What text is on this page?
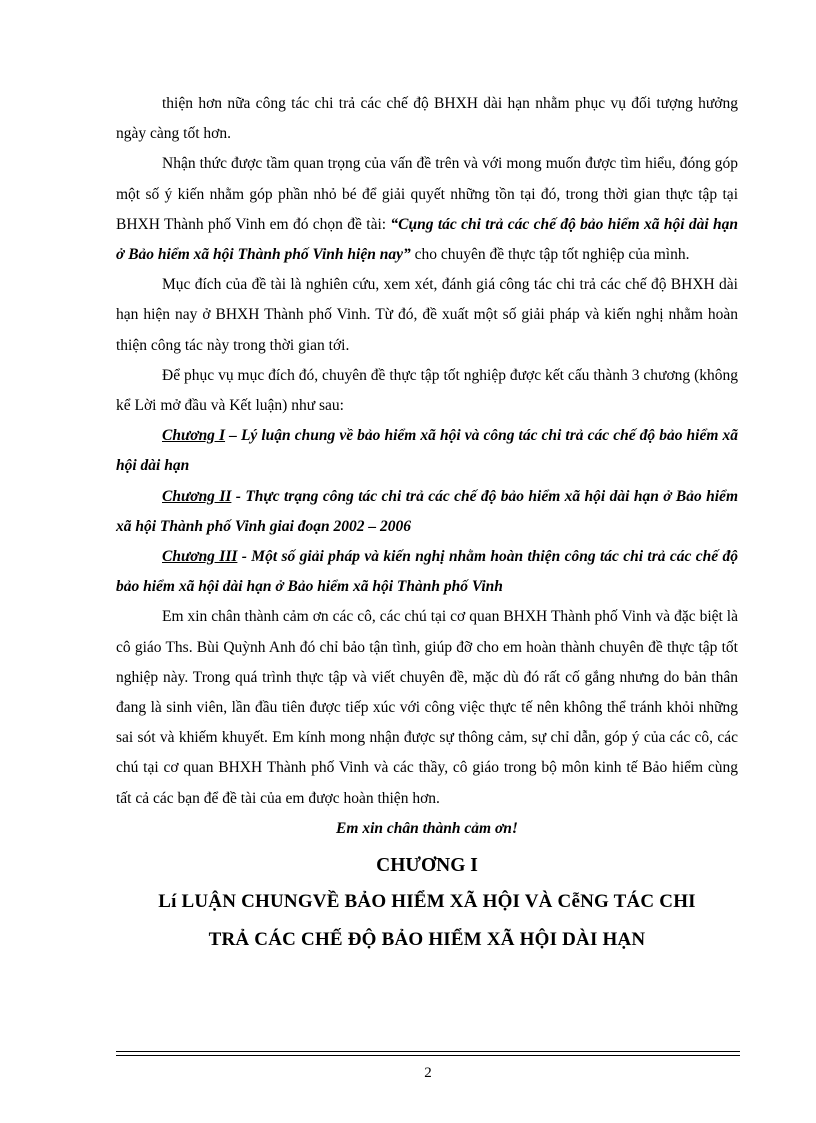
thiện hơn nữa công tác chi trả các chế độ BHXH dài hạn nhằm phục vụ đối tượng hưởng ngày càng tốt hơn.

Nhận thức được tầm quan trọng của vấn đề trên và với mong muốn được tìm hiểu, đóng góp một số ý kiến nhằm góp phần nhỏ bé để giải quyết những tồn tại đó, trong thời gian thực tập tại BHXH Thành phố Vinh em đó chọn đề tài: “Cụng tác chi trả các chế độ bảo hiểm xã hội dài hạn ở Bảo hiểm xã hội Thành phố Vinh hiện nay” cho chuyên đề thực tập tốt nghiệp của mình.

Mục đích của đề tài là nghiên cứu, xem xét, đánh giá công tác chi trả các chế độ BHXH dài hạn hiện nay ở BHXH Thành phố Vinh. Từ đó, đề xuất một số giải pháp và kiến nghị nhằm hoàn thiện công tác này trong thời gian tới.

Để phục vụ mục đích đó, chuyên đề thực tập tốt nghiệp được kết cấu thành 3 chương (không kể Lời mở đầu và Kết luận) như sau:

Chương I – Lý luận chung về bảo hiểm xã hội và công tác chi trả các chế độ bảo hiểm xã hội dài hạn

Chương II - Thực trạng công tác chi trả các chế độ bảo hiểm xã hội dài hạn ở Bảo hiểm xã hội Thành phố Vinh giai đoạn 2002 – 2006

Chương III - Một số giải pháp và kiến nghị nhằm hoàn thiện công tác chi trả các chế độ bảo hiểm xã hội dài hạn ở Bảo hiểm xã hội Thành phố Vinh

Em xin chân thành cảm ơn các cô, các chú tại cơ quan BHXH Thành phố Vinh và đặc biệt là cô giáo Ths. Bùi Quỳnh Anh đó chỉ bảo tận tình, giúp đỡ cho em hoàn thành chuyên đề thực tập tốt nghiệp này. Trong quá trình thực tập và viết chuyên đề, mặc dù đó rất cố gắng nhưng do bản thân đang là sinh viên, lần đầu tiên được tiếp xúc với công việc thực tế nên không thể tránh khỏi những sai sót và khiếm khuyết. Em kính mong nhận được sự thông cảm, sự chỉ dẫn, góp ý của các cô, các chú tại cơ quan BHXH Thành phố Vinh và các thầy, cô giáo trong bộ môn kinh tế Bảo hiểm cùng tất cả các bạn để đề tài của em được hoàn thiện hơn.

Em xin chân thành cảm ơn!

CHƯƠNG I

Lí LUẬN CHUNGVỀ BẢO HIỂM XÃ HỘI VÀ CễNG TÁC CHI

TRẢ CÁC CHẾ ĐỘ BẢO HIỂM XÃ HỘI DÀI HẠN

2
